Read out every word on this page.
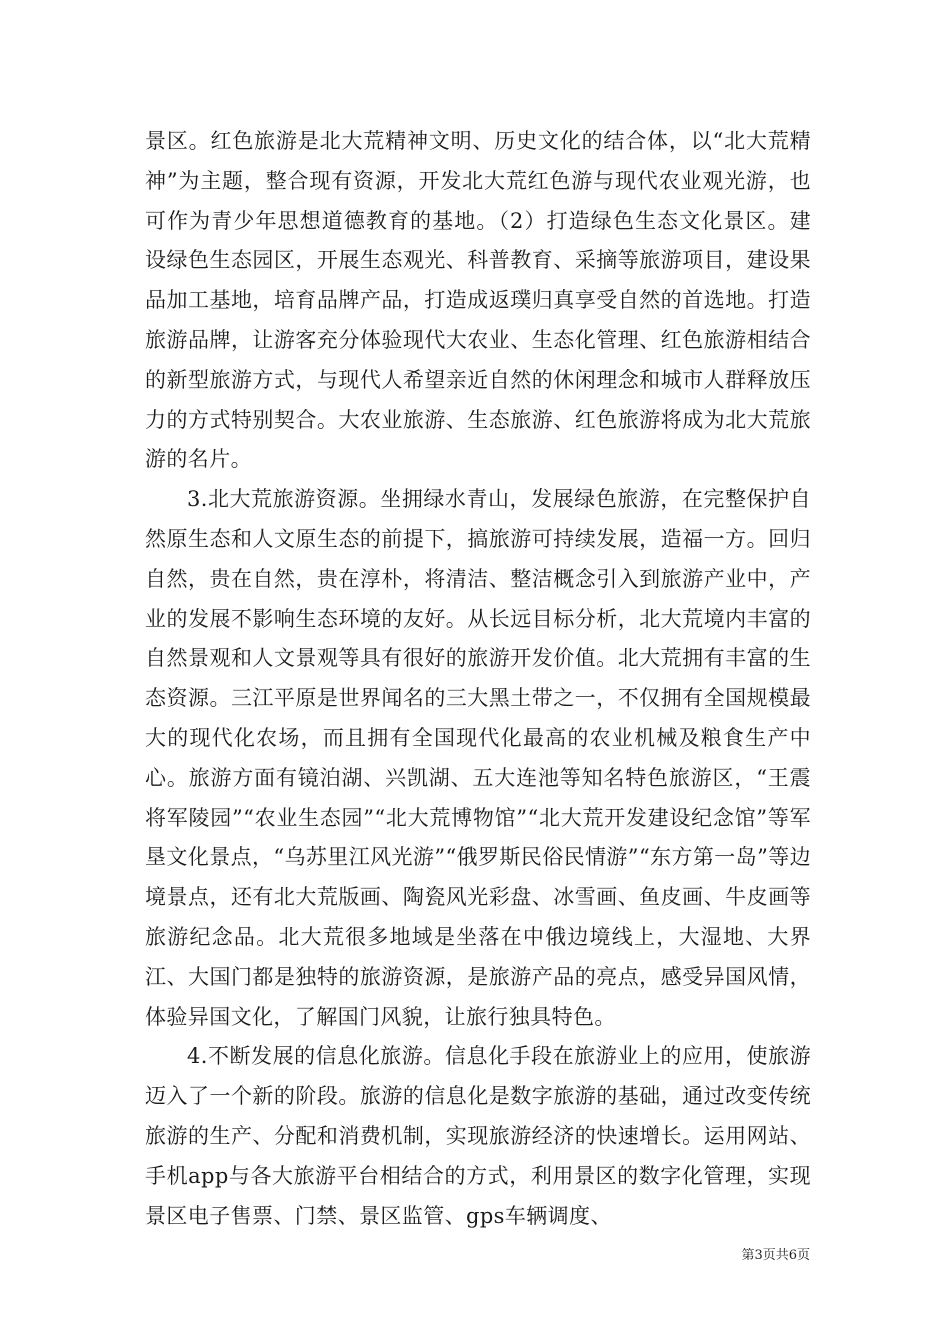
景区。红色旅游是北大荒精神文明、历史文化的结合体，以“北大荒精神”为主题，整合现有资源，开发北大荒红色游与现代农业观光游，也可作为青少年思想道德教育的基地。（2）打造绿色生态文化景区。建设绿色生态园区，开展生态观光、科普教育、采摘等旅游项目，建设果品加工基地，培育品牌产品，打造成返璞归真享受自然的首选地。打造旅游品牌，让游客充分体验现代大农业、生态化管理、红色旅游相结合的新型旅游方式，与现代人希望亲近自然的休闲理念和城市人群释放压力的方式特别契合。大农业旅游、生态旅游、红色旅游将成为北大荒旅游的名片。

3.北大荒旅游资源。坐拥绿水青山，发展绿色旅游，在完整保护自然原生态和人文原生态的前提下，搞旅游可持续发展，造福一方。回归自然，贵在自然，贵在淳朴，将清洁、整洁概念引入到旅游产业中，产业的发展不影响生态环境的友好。从长远目标分析，北大荒境内丰富的自然景观和人文景观等具有很好的旅游开发价值。北大荒拥有丰富的生态资源。三江平原是世界闻名的三大黑土带之一，不仅拥有全国规模最大的现代化农场，而且拥有全国现代化最高的农业机械及粮食生产中心。旅游方面有镜泊湖、兴凯湖、五大连池等知名特色旅游区，“王震将军陵园”“农业生态园”“北大荒博物馆”“北大荒开发建设纪念馆”等军垦文化景点，“乌苏里江风光游”“俄罗斯民俗民情游”“东方第一岛”等边境景点，还有北大荒版画、陶瓷风光彩盘、冰雪画、鱼皮画、牛皮画等旅游纪念品。北大荒很多地域是坐落在中俄边境线上，大湿地、大界江、大国门都是独特的旅游资源，是旅游产品的亮点，感受异国风情，体验异国文化，了解国门风貌，让旅行独具特色。

4.不断发展的信息化旅游。信息化手段在旅游业上的应用，使旅游迈入了一个新的阶段。旅游的信息化是数字旅游的基础，通过改变传统旅游的生产、分配和消费机制，实现旅游经济的快速增长。运用网站、手机app与各大旅游平台相结合的方式，利用景区的数字化管理，实现景区电子售票、门禁、景区监管、gps车辆调度、

第3页共6页
